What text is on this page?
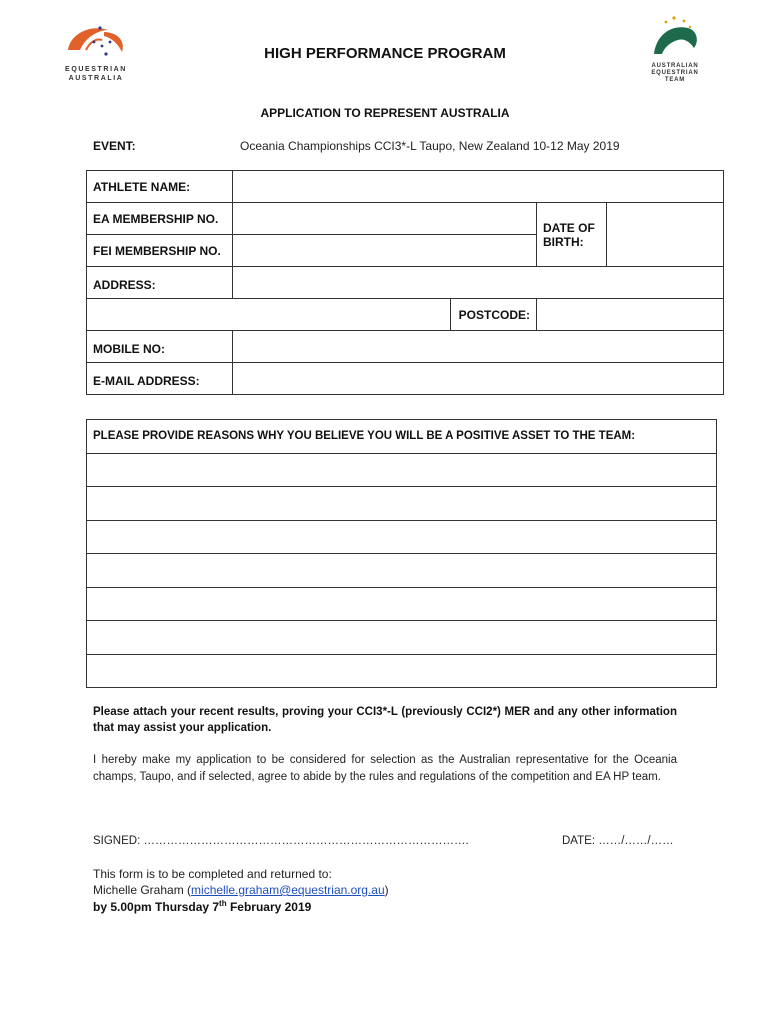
EQUESTRIAN
AUSTRALIA
AUSTRALIAN
EQUESTRIAN
TEAM
HIGH PERFORMANCE PROGRAM
APPLICATION TO REPRESENT AUSTRALIA
EVENT:	Oceania Championships CCI3*-L Taupo, New Zealand 10-12 May 2019
ATHLETE NAME:				
EA MEMBERSHIP NO.			DATE OF BIRTH:	
FEI MEMBERSHIP NO.				
ADDRESS:				
		POSTCODE:		
MOBILE NO:				
E-MAIL ADDRESS:				
PLEASE PROVIDE REASONS WHY YOU BELIEVE YOU WILL BE A POSITIVE ASSET TO THE TEAM:

Please attach your recent results, proving your CCI3*-L (previously CCI2*) MER and any other information that may assist your application.
I hereby make my application to be considered for selection as the Australian representative for the Oceania champs, Taupo, and if selected, agree to abide by the rules and regulations of the competition and EA HP team.
SIGNED: ………………………………………………………………………….	DATE: ……/……/……
This form is to be completed and returned to:
Michelle Graham (michelle.graham@equestrian.org.au)
by 5.00pm Thursday 7th February 2019
